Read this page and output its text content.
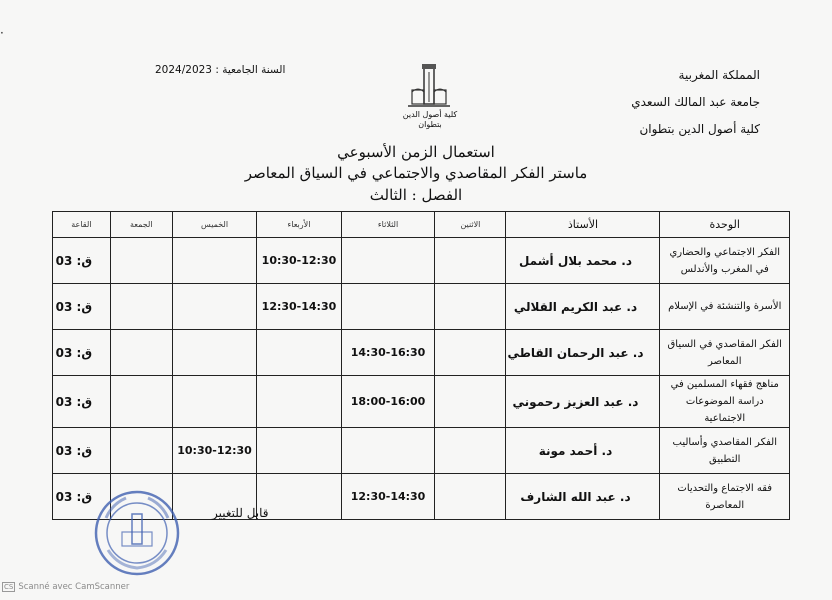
·
المملكة المغربية
جامعة عبد المالك السعدي
كلية أصول الدين بتطوان
السنة الجامعية : 2024/2023
كلية أصول الدين بتطوان
استعمال الزمن الأسبوعي
ماستر الفكر المقاصدي والاجتماعي في السياق المعاصر
الفصل : الثالث
الوحدة	الأستاذ	الاثنين	الثلاثاء	الأربعاء	الخميس	الجمعة	القاعة
الفكر الاجتماعي والحضاري في المغرب والأندلس	د. محمد بلال أشمل			10:30-12:30			ق: 03
الأسرة والتنشئة في الإسلام	د. عبد الكريم القلالي			12:30-14:30			ق: 03
الفكر المقاصدي في السياق المعاصر	د. عبد الرحمان القاطي		14:30-16:30				ق: 03
مناهج فقهاء المسلمين في دراسة الموضوعات الاجتماعية	د. عبد العزيز رحموني		18:00-16:00				ق: 03
الفكر المقاصدي وأساليب التطبيق	د. أحمد مونة				10:30-12:30		ق: 03
فقه الاجتماع والتحديات المعاصرة	د. عبد الله الشارف		12:30-14:30				ق: 03
قابل للتغيير
CS Scanné avec CamScanner
